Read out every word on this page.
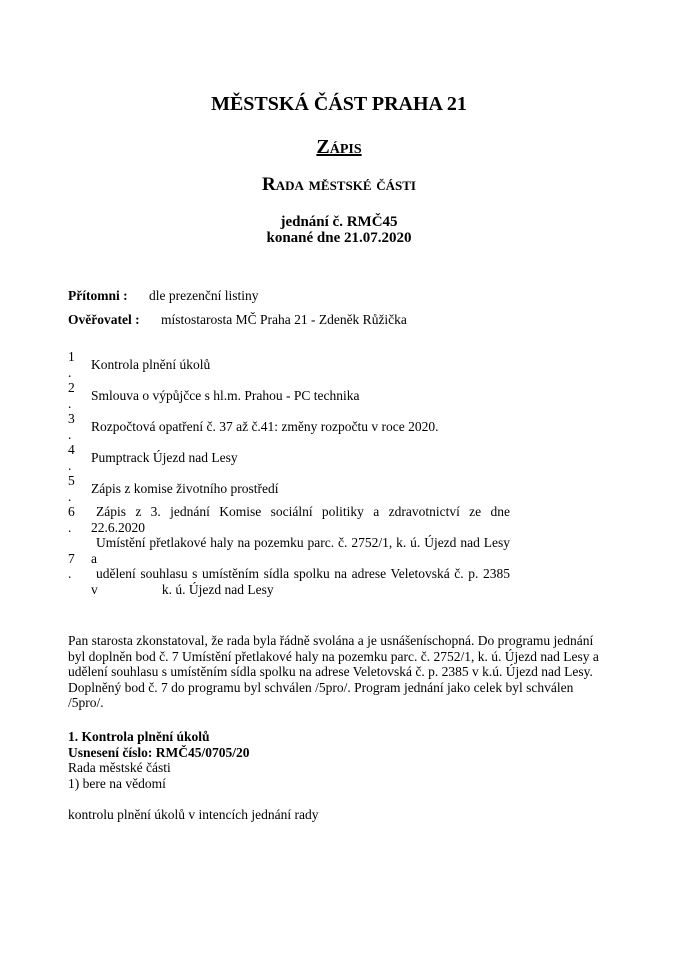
MĚSTSKÁ ČÁST PRAHA 21
Zápis
Rada městské části
jednání č. RMČ45
konané dne 21.07.2020
Přítomni : dle prezenční listiny
Ověřovatel : místostarosta MČ Praha 21 - Zdeněk Růžička
1
.
Kontrola plnění úkolů
2
.
Smlouva o výpůjčce s hl.m. Prahou - PC technika
3
.
Rozpočtová opatření č. 37 až č.41: změny rozpočtu v roce 2020.
4
.
Pumptrack Újezd nad Lesy
5
.
Zápis z komise životního prostředí
6
.
Zápis z 3. jednání Komise sociální politiky a zdravotnictví ze dne
22.6.2020
7
.
Umístění přetlakové haly na pozemku parc. č. 2752/1, k. ú. Újezd nad Lesy
a
udělení souhlasu s umístěním sídla spolku na adrese Veletovská č. p. 2385
v                   k. ú. Újezd nad Lesy
Pan starosta zkonstatoval, že rada byla řádně svolána a je usnášeníschopná. Do programu jednání byl doplněn bod č. 7 Umístění přetlakové haly na pozemku parc. č. 2752/1, k. ú. Újezd nad Lesy a udělení souhlasu s umístěním sídla spolku na adrese Veletovská č. p. 2385 v k.ú. Újezd nad Lesy. Doplněný bod č. 7 do programu byl schválen /5pro/. Program jednání jako celek byl schválen /5pro/.
1. Kontrola plnění úkolů
Usnesení číslo: RMČ45/0705/20
Rada městské části
1) bere na vědomí
kontrolu plnění úkolů v intencích jednání rady
